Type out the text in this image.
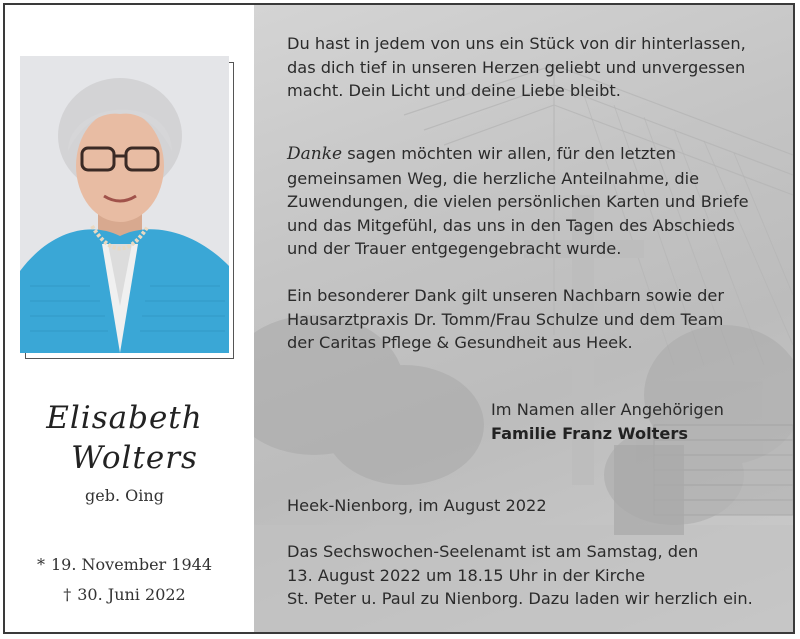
Elisabeth
Wolters
geb. Oing
* 19. November 1944
† 30. Juni 2022
Du hast in jedem von uns ein Stück von dir hinterlassen,
das dich tief in unseren Herzen geliebt und unvergessen
macht. Dein Licht und deine Liebe bleibt.
Danke sagen möchten wir allen, für den letzten
gemeinsamen Weg, die herzliche Anteilnahme, die
Zuwendungen, die vielen persönlichen Karten und Briefe
und das Mitgefühl, das uns in den Tagen des Abschieds
und der Trauer entgegengebracht wurde.
Ein besonderer Dank gilt unseren Nachbarn sowie der
Hausarztpraxis Dr. Tomm/Frau Schulze und dem Team
der Caritas Pflege & Gesundheit aus Heek.
Im Namen aller Angehörigen
Familie Franz Wolters
Heek-Nienborg, im August 2022
Das Sechswochen-Seelenamt ist am Samstag, den
13. August 2022 um 18.15 Uhr in der Kirche
St. Peter u. Paul zu Nienborg. Dazu laden wir herzlich ein.
